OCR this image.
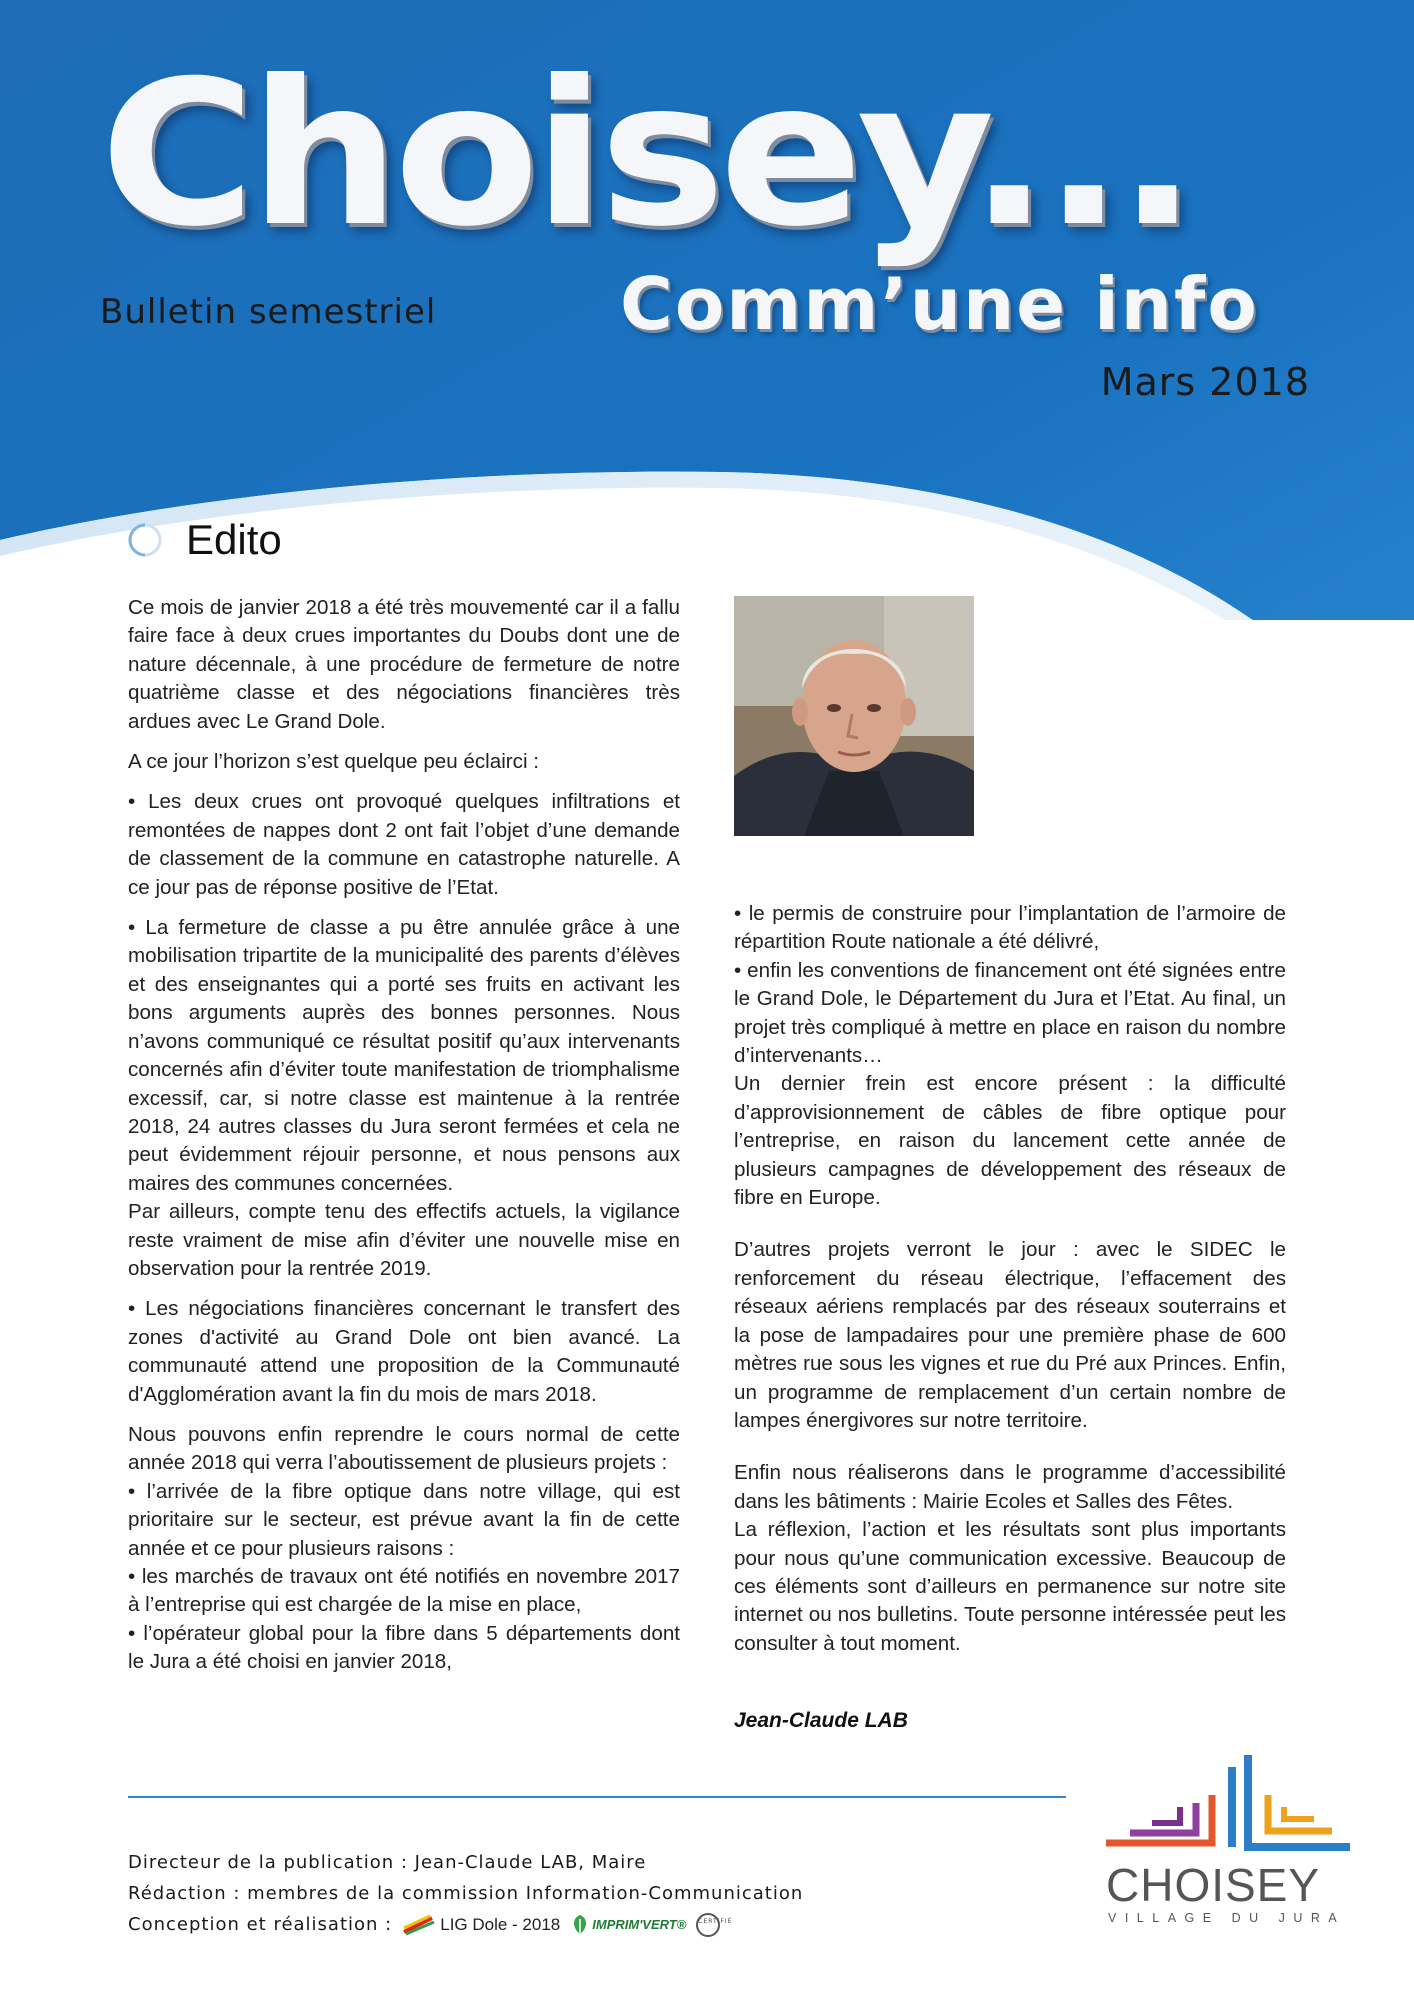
Choisey...
Bulletin semestriel	Comm’une info
Mars 2018
Edito

Ce mois de janvier 2018 a été très mouvementé car il a fallu faire face à deux crues importantes du Doubs dont une de nature décennale, à une procédure de fermeture de notre quatrième classe et des négociations financières très ardues avec Le Grand Dole.

A ce jour l’horizon s’est quelque peu éclairci :

• Les deux crues ont provoqué quelques infiltrations et remontées de nappes dont 2 ont fait l’objet d’une demande de classement de la commune en catastrophe naturelle. A ce jour pas de réponse positive de l’Etat.

• La fermeture de classe a pu être annulée grâce à une mobilisation tripartite de la municipalité des parents d’élèves et des enseignantes qui a porté ses fruits en activant les bons arguments auprès des bonnes personnes. Nous n’avons communiqué ce résultat positif qu’aux intervenants concernés afin d’éviter toute manifestation de triomphalisme excessif, car, si notre classe est maintenue à la rentrée 2018, 24 autres classes du Jura seront fermées et cela ne peut évidemment réjouir personne, et nous pensons aux maires des communes concernées.
Par ailleurs, compte tenu des effectifs actuels, la vigilance reste vraiment de mise afin d’éviter une nouvelle mise en observation pour la rentrée 2019.

• Les négociations financières concernant le transfert des zones d'activité au Grand Dole ont bien avancé. La communauté attend une proposition de la Communauté d'Agglomération avant la fin du mois de mars 2018.

Nous pouvons enfin reprendre le cours normal de cette année 2018 qui verra l’aboutissement de plusieurs projets :
• l’arrivée de la fibre optique dans notre village, qui est prioritaire sur le secteur, est prévue avant la fin de cette année et ce pour plusieurs raisons :
• les marchés de travaux ont été notifiés en novembre 2017 à l’entreprise qui est chargée de la mise en place,
• l’opérateur global pour la fibre dans 5 départements dont le Jura a été choisi en janvier 2018,

• le permis de construire pour l’implantation de l’armoire de répartition Route nationale a été délivré,
• enfin les conventions de financement ont été signées entre le Grand Dole, le Département du Jura et l’Etat. Au final, un projet très compliqué à mettre en place en raison du nombre d’intervenants…
Un dernier frein est encore présent : la difficulté d’approvisionnement de câbles de fibre optique pour l’entreprise, en raison du lancement cette année de plusieurs campagnes de développement des réseaux de fibre en Europe.

D’autres projets verront le jour : avec le SIDEC le renforcement du réseau électrique, l’effacement des réseaux aériens remplacés par des réseaux souterrains et la pose de lampadaires pour une première phase de 600 mètres rue sous les vignes et rue du Pré aux Princes. Enfin, un programme de remplacement d’un certain nombre de lampes énergivores sur notre territoire.

Enfin nous réaliserons dans le programme d’accessibilité dans les bâtiments : Mairie Ecoles et Salles des Fêtes.
La réflexion, l’action et les résultats sont plus importants pour nous qu’une communication excessive. Beaucoup de ces éléments sont d’ailleurs en permanence sur notre site internet ou nos bulletins. Toute personne intéressée peut les consulter à tout moment.

Jean-Claude LAB
Directeur de la publication : Jean-Claude LAB, Maire
Rédaction : membres de la commission Information-Communication
Conception et réalisation :	LIG Dole - 2018 IMPRIM'VERT®	CERTIFIÉ
CHOISEY
VILLAGE DU JURA
